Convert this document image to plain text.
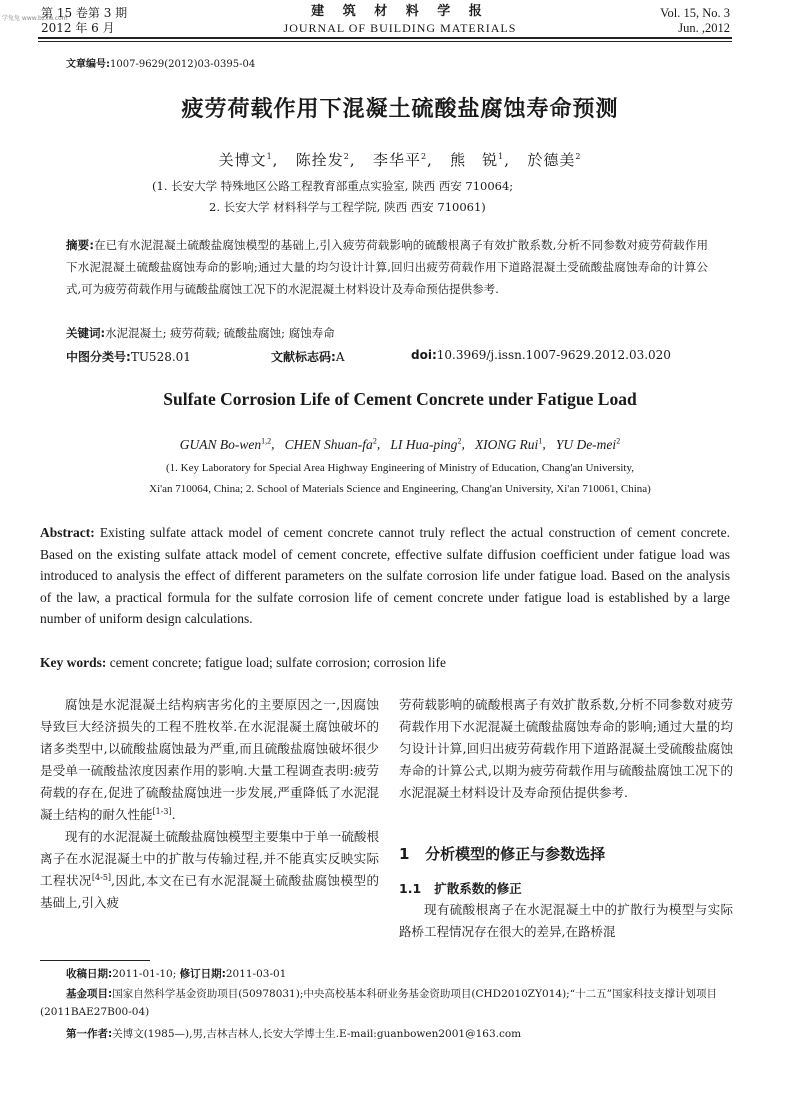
学兔兔 www.bzxw.com
第 15 卷第 3 期
2012 年 6 月
建 筑 材 料 学 报
JOURNAL OF BUILDING MATERIALS
Vol. 15, No. 3
Jun. ,2012
文章编号:1007-9629(2012)03-0395-04
疲劳荷载作用下混凝土硫酸盐腐蚀寿命预测
关博文$^1$,   陈拴发$^2$,   李华平$^2$,   熊　锐$^1$,   於德美$^2$
(1. 长安大学 特殊地区公路工程教育部重点实验室, 陕西 西安 710064;
2. 长安大学 材料科学与工程学院, 陕西 西安 710061)
摘要:在已有水泥混凝土硫酸盐腐蚀模型的基础上,引入疲劳荷载影响的硫酸根离子有效扩散系数,分析不同参数对疲劳荷载作用下水泥混凝土硫酸盐腐蚀寿命的影响;通过大量的均匀设计计算,回归出疲劳荷载作用下道路混凝土受硫酸盐腐蚀寿命的计算公式,可为疲劳荷载作用与硫酸盐腐蚀工况下的水泥混凝土材料设计及寿命预估提供参考.
关键词:水泥混凝土; 疲劳荷载; 硫酸盐腐蚀; 腐蚀寿命
中图分类号:TU528.01	文献标志码:A	doi:10.3969/j.issn.1007-9629.2012.03.020
Sulfate Corrosion Life of Cement Concrete under Fatigue Load
GUAN Bo-wen$^{1,2}$,   CHEN Shuan-$fa^2$,   LI Hua-ping$^2$,   XIONG Rui$^1$,   YU De-mei$^2$
(1. Key Laboratory for Special Area Highway Engineering of Ministry of Education, Chang'an University,
Xi'an 710064, China; 2. School of Materials Science and Engineering, Chang'an University, Xi'an 710061, China)
Abstract: Existing sulfate attack model of cement concrete cannot truly reflect the actual construction of cement concrete. Based on the existing sulfate attack model of cement concrete, effective sulfate diffusion coefficient under fatigue load was introduced to analysis the effect of different parameters on the sulfate corrosion life under fatigue load. Based on the analysis of the law, a practical formula for the sulfate corrosion life of cement concrete under fatigue load is established by a large number of uniform design calculations.
Key words: cement concrete; fatigue load; sulfate corrosion; corrosion life

腐蚀是水泥混凝土结构病害劣化的主要原因之一,因腐蚀导致巨大经济损失的工程不胜枚举.在水泥混凝土腐蚀破坏的诸多类型中,以硫酸盐腐蚀最为严重,而且硫酸盐腐蚀破坏很少是受单一硫酸盐浓度因素作用的影响.大量工程调查表明:疲劳荷载的存在,促进了硫酸盐腐蚀进一步发展,严重降低了水泥混凝土结构的耐久性能[1-3].

现有的水泥混凝土硫酸盐腐蚀模型主要集中于单一硫酸根离子在水泥混凝土中的扩散与传输过程,并不能真实反映实际工程状况[4-5],因此,本文在已有水泥混凝土硫酸盐腐蚀模型的基础上,引入疲

劳荷载影响的硫酸根离子有效扩散系数,分析不同参数对疲劳荷载作用下水泥混凝土硫酸盐腐蚀寿命的影响;通过大量的均匀设计计算,回归出疲劳荷载作用下道路混凝土受硫酸盐腐蚀寿命的计算公式,以期为疲劳荷载作用与硫酸盐腐蚀工况下的水泥混凝土材料设计及寿命预估提供参考.

1 分析模型的修正与参数选择
1.1 扩散系数的修正

现有硫酸根离子在水泥混凝土中的扩散行为模型与实际路桥工程情况存在很大的差异,在路桥混

收稿日期:2011-01-10; 修订日期:2011-03-01
基金项目:国家自然科学基金资助项目(50978031);中央高校基本科研业务基金资助项目(CHD2010ZY014);“十二五”国家科技支撑计划项目(2011BAE27B00-04)
第一作者:关博文(1985—),男,吉林吉林人,长安大学博士生.E-mail:guanbowen2001@163.com
